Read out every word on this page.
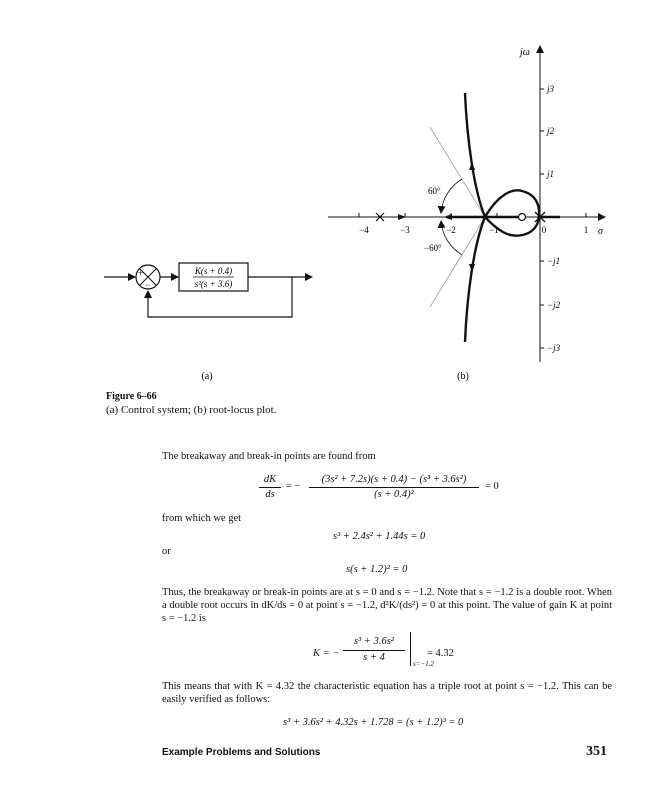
+
−
K(s + 0.4)
s²(s + 3.6)
(a)
jω
σ
−4	−3	−2	−1	0	1
j3
j2
j1
−j1
−j2
−j3
60°
−60°
(b)
Figure 6–66
(a) Control system; (b) root-locus plot.
The breakaway and break-in points are found from
dK
ds
= −
(3s² + 7.2s)(s + 0.4) − (s³ + 3.6s²)
(s + 0.4)²
= 0
from which we get
s³ + 2.4s² + 1.44s = 0
or
s(s + 1.2)² = 0
Thus, the breakaway or break-in points are at s = 0 and s = −1.2. Note that s = −1.2 is a double root. When a double root occurs in dK/ds = 0 at point s = −1.2, d²K/(ds²) = 0 at this point. The value of gain K at point s = −1.2 is
K = −
s³ + 3.6s²
s + 4
s=−1.2
= 4.32
This means that with K = 4.32 the characteristic equation has a triple root at point s = −1.2. This can be easily verified as follows:
s³ + 3.6s² + 4.32s + 1.728 = (s + 1.2)³ = 0
Example Problems and Solutions	351
